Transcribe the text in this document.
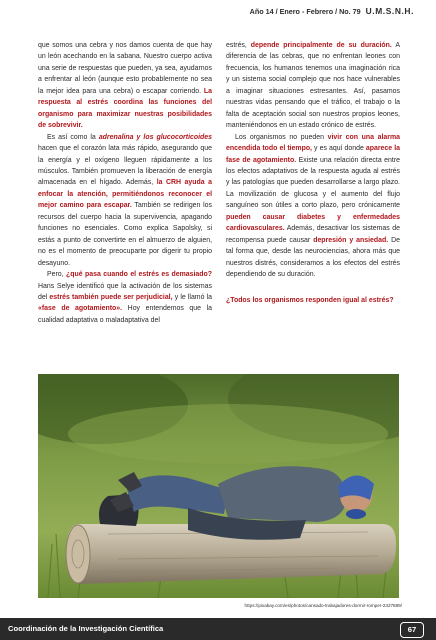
Año 14 / Enero - Febrero / No. 79 U.M.S.N.H.

que somos una cebra y nos damos cuenta de que hay un león acechando en la sabana. Nuestro cuerpo activa una serie de respuestas que pueden, ya sea, ayudarnos a enfrentar al león (aunque esto probablemente no sea la mejor idea para una cebra) o escapar corriendo. La respuesta al estrés coordina las funciones del organismo para maximizar nuestras posibilidades de sobrevivir.

Es así como la adrenalina y los glucocorticoides hacen que el corazón lata más rápido, asegurando que la energía y el oxígeno lleguen rápidamente a los músculos. También promueven la liberación de energía almacenada en el hígado. Además, la CRH ayuda a enfocar la atención, permitiéndonos reconocer el mejor camino para escapar. También se redirigen los recursos del cuerpo hacia la supervivencia, apagando funciones no esenciales. Como explica Sapolsky, si estás a punto de convertirte en el almuerzo de alguien, no es el momento de preocuparte por digerir tu propio desayuno.

Pero, ¿qué pasa cuando el estrés es demasiado? Hans Selye identificó que la activación de los sistemas del estrés también puede ser perjudicial, y le llamó la «fase de agotamiento». Hoy entendemos que la cualidad adaptativa o maladaptativa del

estrés, depende principalmente de su duración. A diferencia de las cebras, que no enfrentan leones con frecuencia, los humanos tenemos una imaginación rica y un sistema social complejo que nos hace vulnerables a imaginar situaciones estresantes. Así, pasamos nuestras vidas pensando que el tráfico, el trabajo o la falta de aceptación social son nuestros propios leones, manteniéndonos en un estado crónico de estrés.

Los organismos no pueden vivir con una alarma encendida todo el tiempo, y es aquí donde aparece la fase de agotamiento. Existe una relación directa entre los efectos adaptativos de la respuesta aguda al estrés y las patologías que pueden desarrollarse a largo plazo. La movilización de glucosa y el aumento del flujo sanguíneo son útiles a corto plazo, pero crónicamente pueden causar diabetes y enfermedades cardiovasculares. Además, desactivar los sistemas de recompensa puede causar depresión y ansiedad. De tal forma que, desde las neurociencias, ahora más que nuestros distrés, consideramos a los efectos del estrés dependiendo de su duración.

¿Todos los organismos responden igual al estrés?

https://pixabay.com/es/photos/cansado-trabajadores-dormir-romper-2327889/
Coordinación de la Investigación Científica	67
